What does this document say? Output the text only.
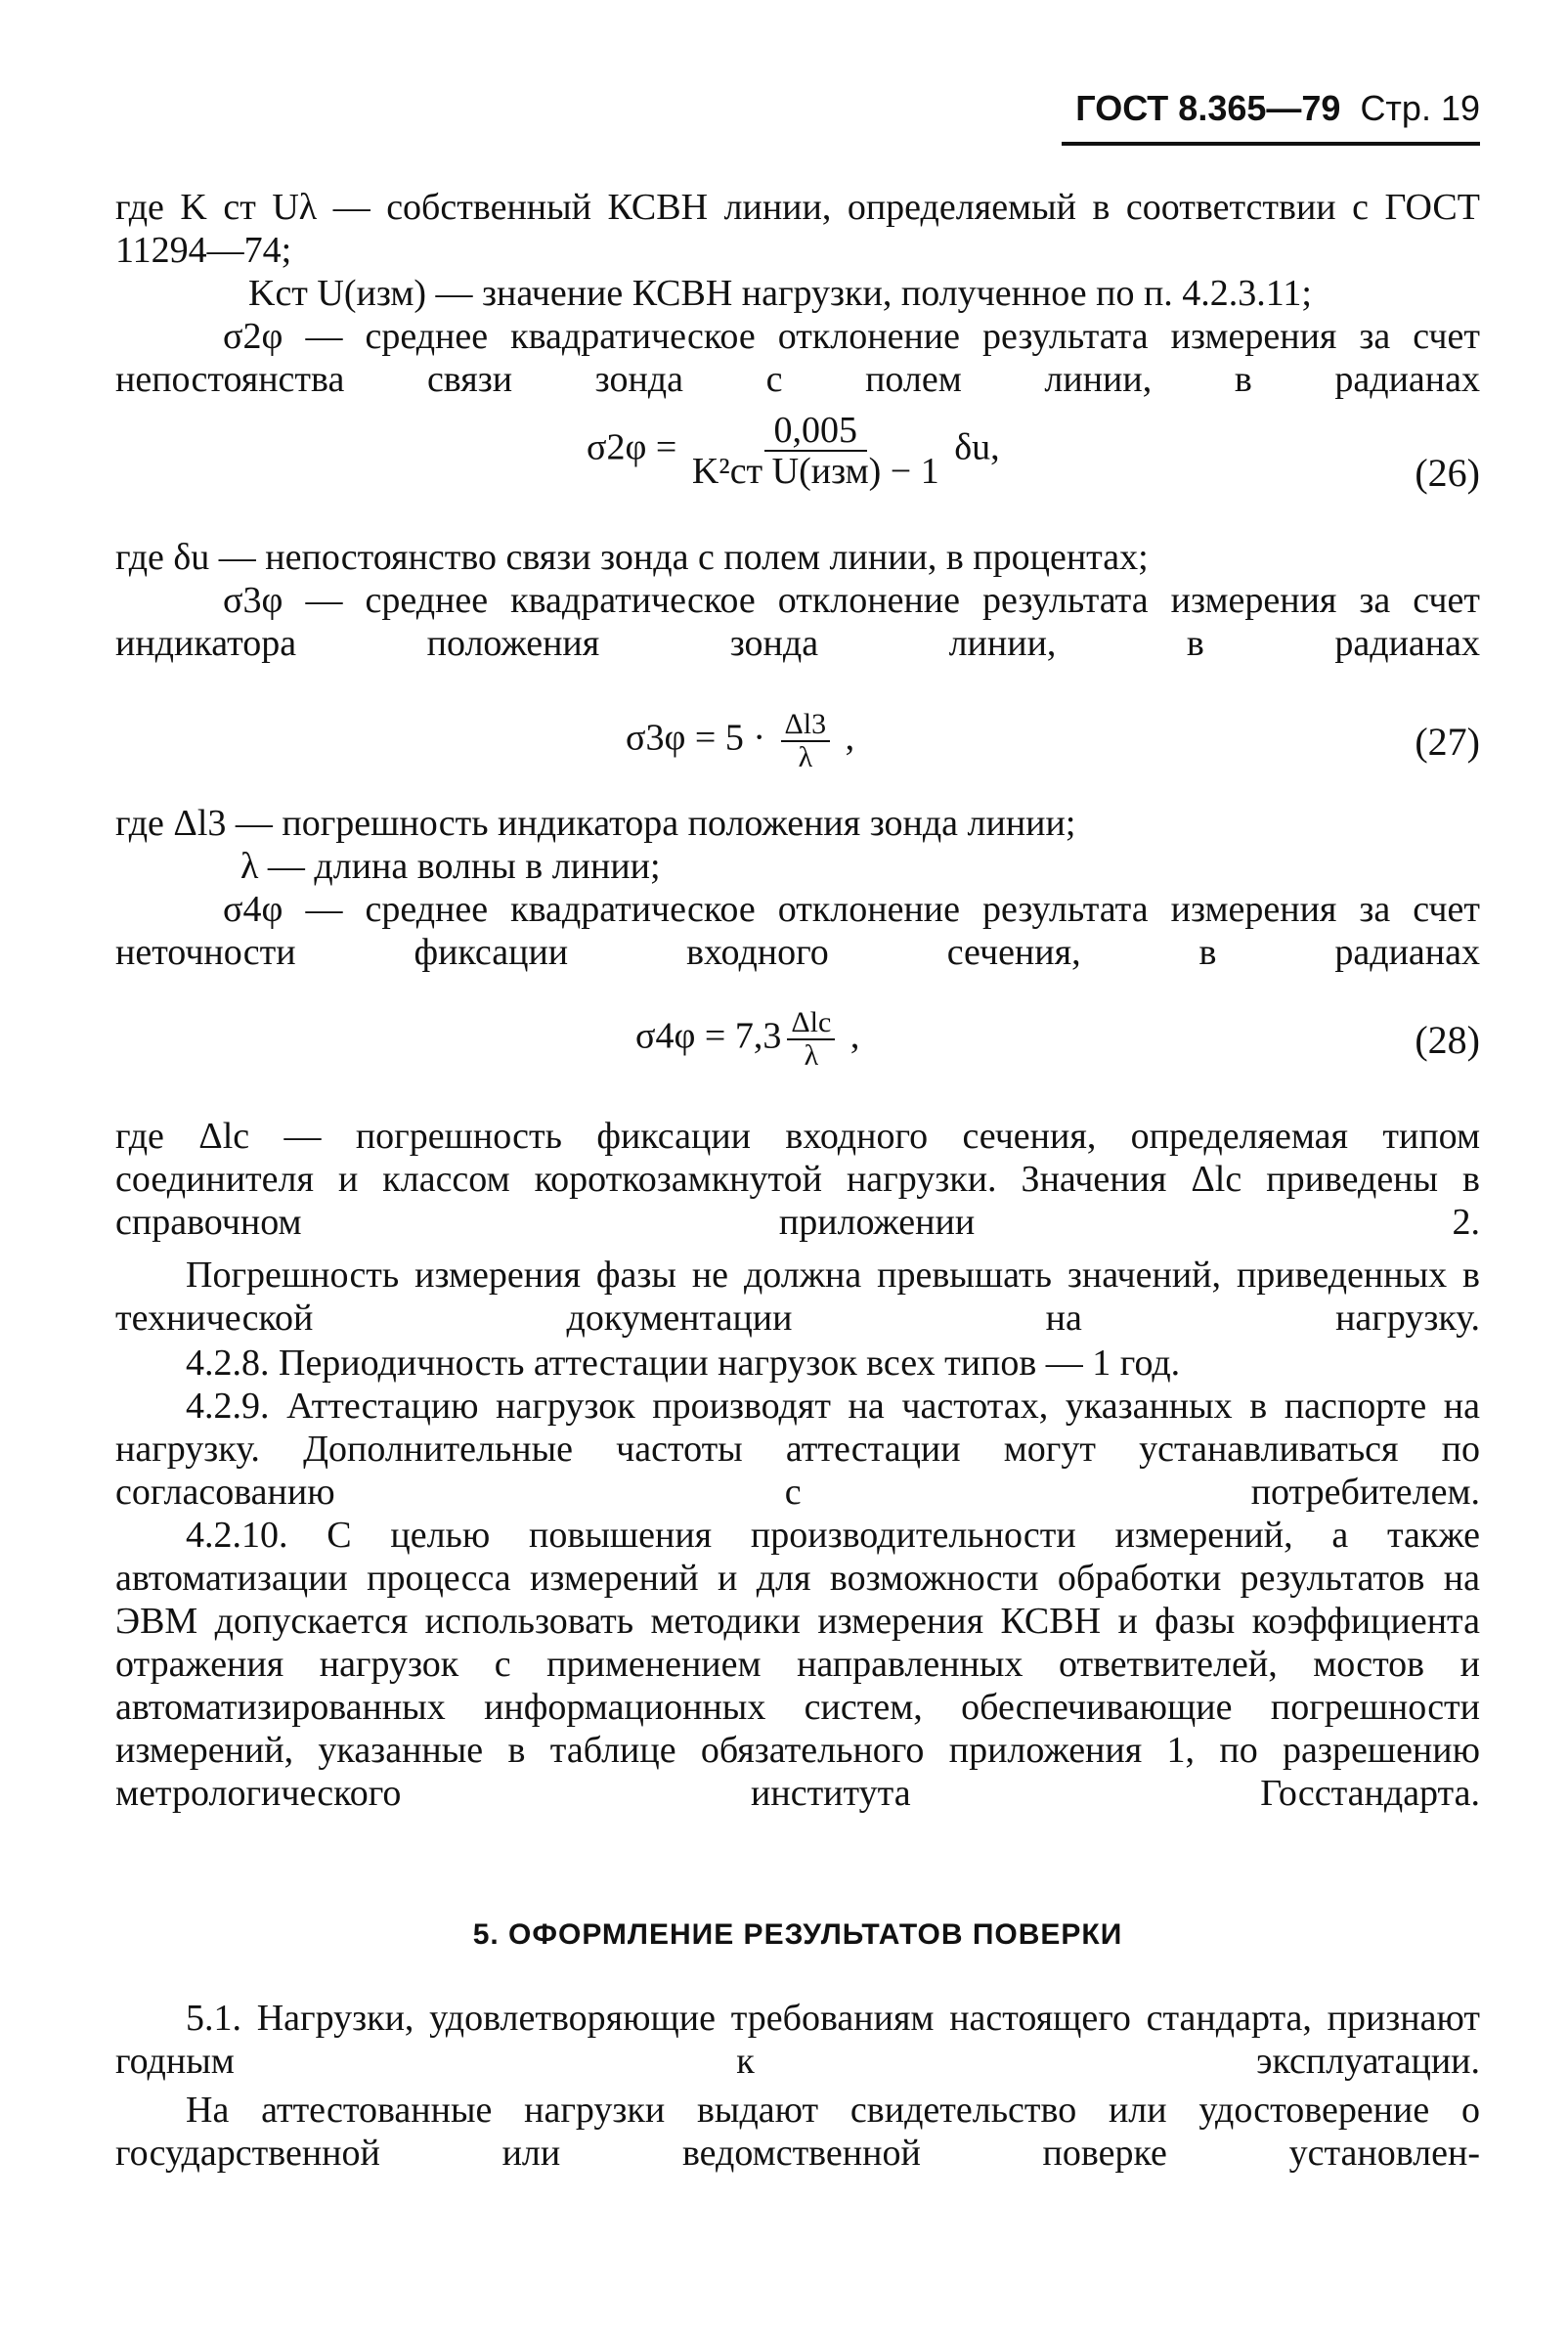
ГОСТ 8.365—79 Стр. 19

где K ст Uλ — собственный КСВН линии, определяемый в соответствии с ГОСТ 11294—74;

Kст U(изм) — значение КСВН нагрузки, полученное по п. 4.2.3.11;

σ2φ — среднее квадратическое отклонение результата измерения за счет непостоянства связи зонда с полем линии, в радианах

$\sigma 2\varphi = \frac{0,005}{\text{K²ст U(изм) − 1}} \delta u$,
(26)

где δu — непостоянство связи зонда с полем линии, в процентах;

σ3φ — среднее квадратическое отклонение результата измерения за счет индикатора положения зонда линии, в радианах

$\sigma 3\varphi = 5 \cdot \frac{\Delta l3}{\lambda}$ ,	(27)

где Δl3 — погрешность индикатора положения зонда линии;

λ — длина волны в линии;

σ4φ — среднее квадратическое отклонение результата измерения за счет неточности фиксации входного сечения, в радианах

$\sigma 4\varphi = 7,3 \frac{\text{Δlс}}{\lambda}$ ,	(28)

где Δlс — погрешность фиксации входного сечения, определяемая типом соединителя и классом короткозамкнутой нагрузки. Значения Δlс приведены в справочном приложении 2.

Погрешность измерения фазы не должна превышать значений, приведенных в технической документации на нагрузку.

4.2.8. Периодичность аттестации нагрузок всех типов — 1 год.

4.2.9. Аттестацию нагрузок производят на частотах, указанных в паспорте на нагрузку. Дополнительные частоты аттестации могут устанавливаться по согласованию с потребителем.

4.2.10. С целью повышения производительности измерений, а также автоматизации процесса измерений и для возможности обработки результатов на ЭВМ допускается использовать методики измерения КСВН и фазы коэффициента отражения нагрузок с применением направленных ответвителей, мостов и автоматизированных информационных систем, обеспечивающие погрешности измерений, указанные в таблице обязательного приложения 1, по разрешению метрологического института Госстандарта.

5. ОФОРМЛЕНИЕ РЕЗУЛЬТАТОВ ПОВЕРКИ

5.1. Нагрузки, удовлетворяющие требованиям настоящего стандарта, признают годным к эксплуатации.

На аттестованные нагрузки выдают свидетельство или удостоверение о государственной или ведомственной поверке установлен-
